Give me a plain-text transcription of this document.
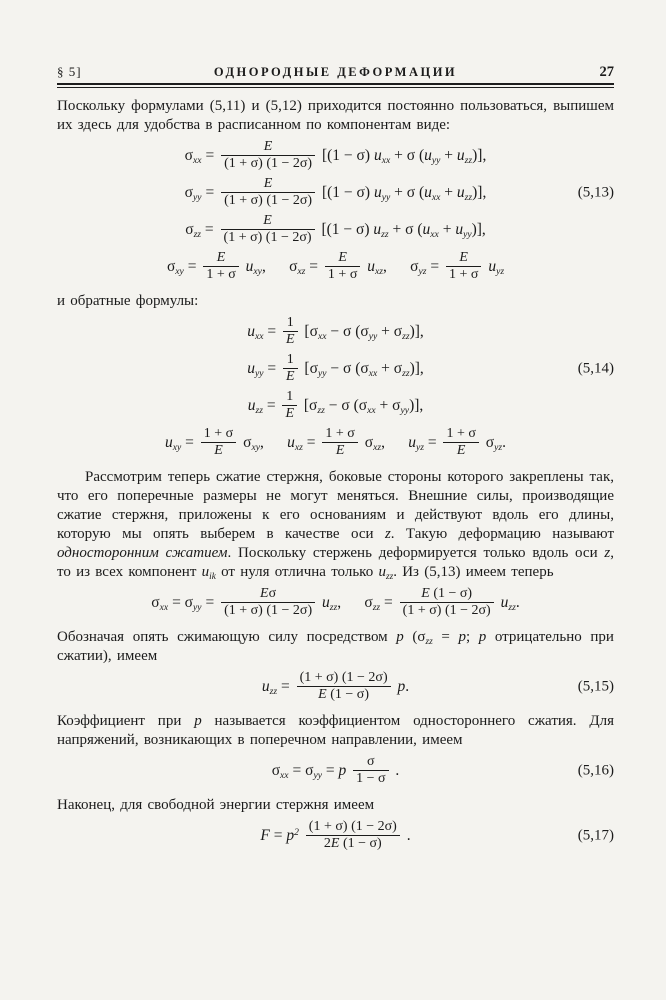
§ 5]	ОДНОРОДНЫЕ ДЕФОРМАЦИИ	27

Поскольку формулами (5,11) и (5,12) приходится постоянно пользоваться, выпишем их здесь для удобства в расписанном по компонентам виде:

$\sigma_{xx} = \frac{E}{(1 + \sigma) (1 - 2\sigma)} [(1 - \sigma) u_{xx} + \sigma$ $(u_{yy} + u_{zz})$],
$\sigma_{yy} = \frac{E}{(1 + \sigma) (1 - 2\sigma)} [(1 - \sigma) u_{yy} + \sigma$ $(u_{xx} + u_{zz})$],
$\sigma_{zz} = \frac{E}{(1 + \sigma) (1 - 2\sigma)} [(1 - \sigma) u_{zz} + \sigma$ $(u_{xx} + u_{yy})$],
(5,13)
$\sigma_{xy} = \frac{E}{1 + \sigma} u_{xy}$,  $\sigma_{xz} = \frac{E}{1 + \sigma} u_{xz}$,  $\sigma_{yz} = \frac{E}{1 + \sigma} u_{yz}$

и обратные формулы:

$u_{xx} = \frac{1}{E} [\sigma_{xx} - \sigma$ $(\sigma_{yy} + \sigma_{zz})$],
$u_{yy} = \frac{1}{E} [\sigma_{yy} - \sigma$ $(\sigma_{xx} + \sigma_{zz})$],
$u_{zz} = \frac{1}{E} [\sigma_{zz} - \sigma$ $(\sigma_{xx} + \sigma_{yy})$],
(5,14)
$u_{xy} = \frac{1 + \sigma}{E} \sigma_{xy}$,  $u_{xz} = \frac{1 + \sigma}{E} \sigma_{xz}$,  $u_{yz} = \frac{1 + \sigma}{E} \sigma_{yz}$.

Рассмотрим теперь сжатие стержня, боковые стороны которого закреплены так, что его поперечные размеры не могут меняться. Внешние силы, производящие сжатие стержня, приложены к его основаниям и действуют вдоль его длины, которую мы опять выберем в качестве оси z. Такую деформацию называют односторонним сжатием. Поскольку стержень деформируется только вдоль оси z, то из всех компонент $u_{ik}$ от нуля отлична только $u_{zz}$. Из (5,13) имеем теперь

$\sigma_{xx} = \sigma_{yy} = \frac{E\sigma}{(1 + \sigma) (1 - 2\sigma)} u_{zz}$,  $\sigma_{zz} = \frac{E (1 - \sigma)}{(1 + \sigma) (1 - 2\sigma)} u_{zz}$.

Обозначая опять сжимающую силу посредством p ($\sigma_{zz} = p$; p отрицательно при сжатии), имеем

$u_{zz} = \frac{(1 + \sigma) (1 - 2\sigma)}{E (1 - \sigma)} p$.	(5,15)

Коэффициент при p называется коэффициентом одностороннего сжатия. Для напряжений, возникающих в поперечном направлении, имеем

$\sigma_{xx} = \sigma_{yy} = p \frac{\sigma}{1 - \sigma}$ .	(5,16)

Наконец, для свободной энергии стержня имеем

$F = p^2 \frac{(1 + \sigma) (1 - 2\sigma)}{2E (1 - \sigma)}$ .	(5,17)
